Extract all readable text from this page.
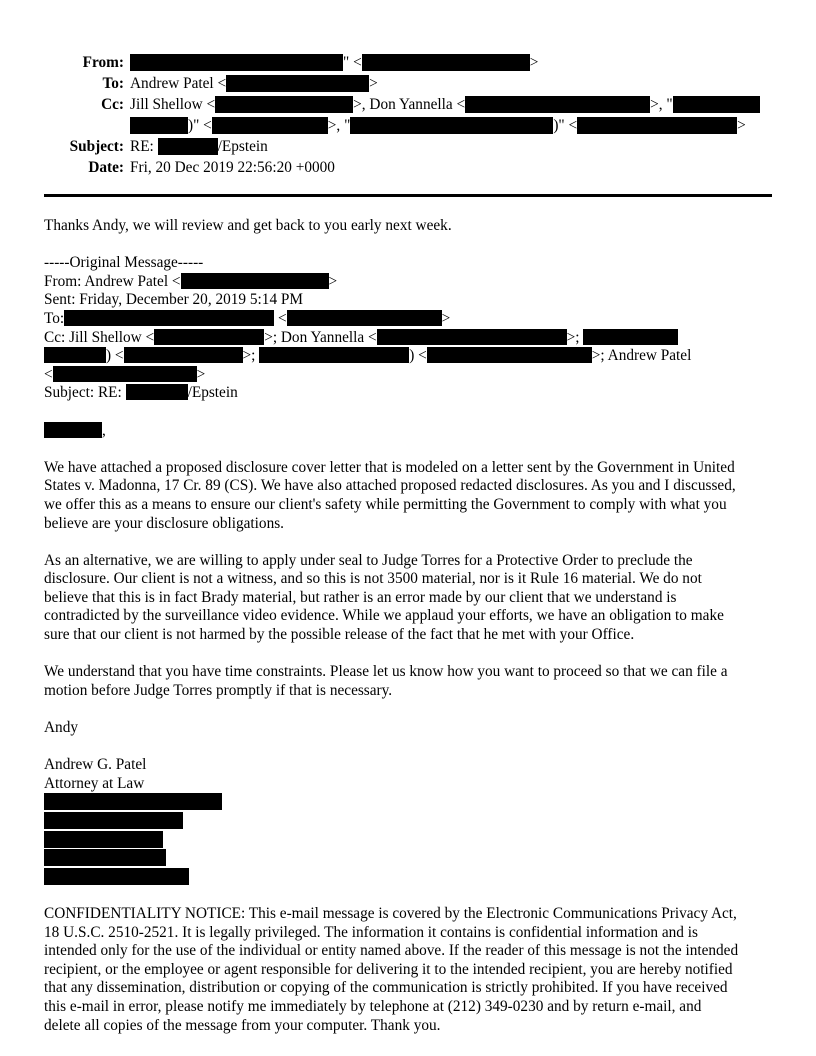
From:	" <	>
To: Andrew Patel <	>
Cc: Jill Shellow <	>, Don Yannella <	>, "
)" <	>, "	)" <	>
Subject: RE:	/Epstein
Date: Fri, 20 Dec 2019 22:56:20 +0000
Thanks Andy, we will review and get back to you early next week.
-----Original Message-----
From: Andrew Patel <	>
Sent: Friday, December 20, 2019 5:14 PM
To:	<	>
Cc: Jill Shellow <	>; Don Yannella <	>;
) <	>;	) <	>; Andrew Patel
<	>
Subject: RE:	/Epstein
,
We have attached a proposed disclosure cover letter that is modeled on a letter sent by the Government in United
States v. Madonna, 17 Cr. 89 (CS). We have also attached proposed redacted disclosures. As you and I discussed,
we offer this as a means to ensure our client's safety while permitting the Government to comply with what you
believe are your disclosure obligations.
As an alternative, we are willing to apply under seal to Judge Torres for a Protective Order to preclude the
disclosure. Our client is not a witness, and so this is not 3500 material, nor is it Rule 16 material. We do not
believe that this is in fact Brady material, but rather is an error made by our client that we understand is
contradicted by the surveillance video evidence. While we applaud your efforts, we have an obligation to make
sure that our client is not harmed by the possible release of the fact that he met with your Office.
We understand that you have time constraints. Please let us know how you want to proceed so that we can file a
motion before Judge Torres promptly if that is necessary.
Andy
Andrew G. Patel
Attorney at Law
CONFIDENTIALITY NOTICE: This e-mail message is covered by the Electronic Communications Privacy Act,
18 U.S.C. 2510-2521. It is legally privileged. The information it contains is confidential information and is
intended only for the use of the individual or entity named above. If the reader of this message is not the intended
recipient, or the employee or agent responsible for delivering it to the intended recipient, you are hereby notified
that any dissemination, distribution or copying of the communication is strictly prohibited. If you have received
this e-mail in error, please notify me immediately by telephone at (212) 349-0230 and by return e-mail, and
delete all copies of the message from your computer. Thank you.
